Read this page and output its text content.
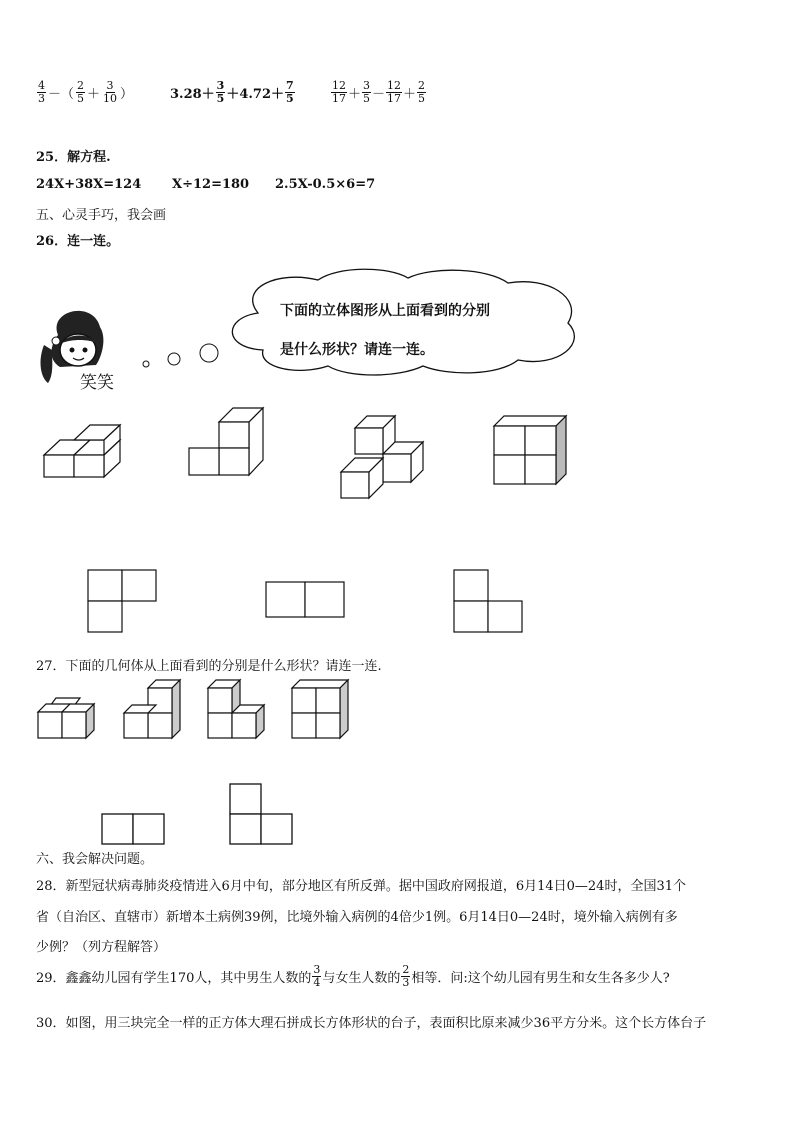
$\frac{4}{3}$ －（ $\frac{2}{5} + \frac{3}{10}$ ）	$3.28+ \frac{3}{5} +4.72+ \frac{7}{5}$	$\frac{12}{17} + \frac{3}{5} - \frac{12}{17} + \frac{2}{5}$
25．解方程.
24X+38X=124 X÷12=180 2.5X-0.5×6=7
五、心灵手巧，我会画
26．连一连。
笑笑
下面的立体图形从上面看到的分别
是什么形状？请连一连。
27．下面的几何体从上面看到的分别是什么形状？请连一连.
六、我会解决问题。
28．新型冠状病毒肺炎疫情进入6月中旬，部分地区有所反弹。据中国政府网报道，6月14日0—24时，全国31个
省（自治区、直辖市）新增本土病例39例，比境外输入病例的4倍少1例。6月14日0—24时，境外输入病例有多
少例？（列方程解答）
29．鑫鑫幼儿园有学生170人，其中男生人数的 $\frac{3}{4}$ 与女生人数的 $\frac{2}{3}$ 相等．问:这个幼儿园有男生和女生各多少人?
30．如图，用三块完全一样的正方体大理石拼成长方体形状的台子，表面积比原来减少36平方分米。这个长方体台子
